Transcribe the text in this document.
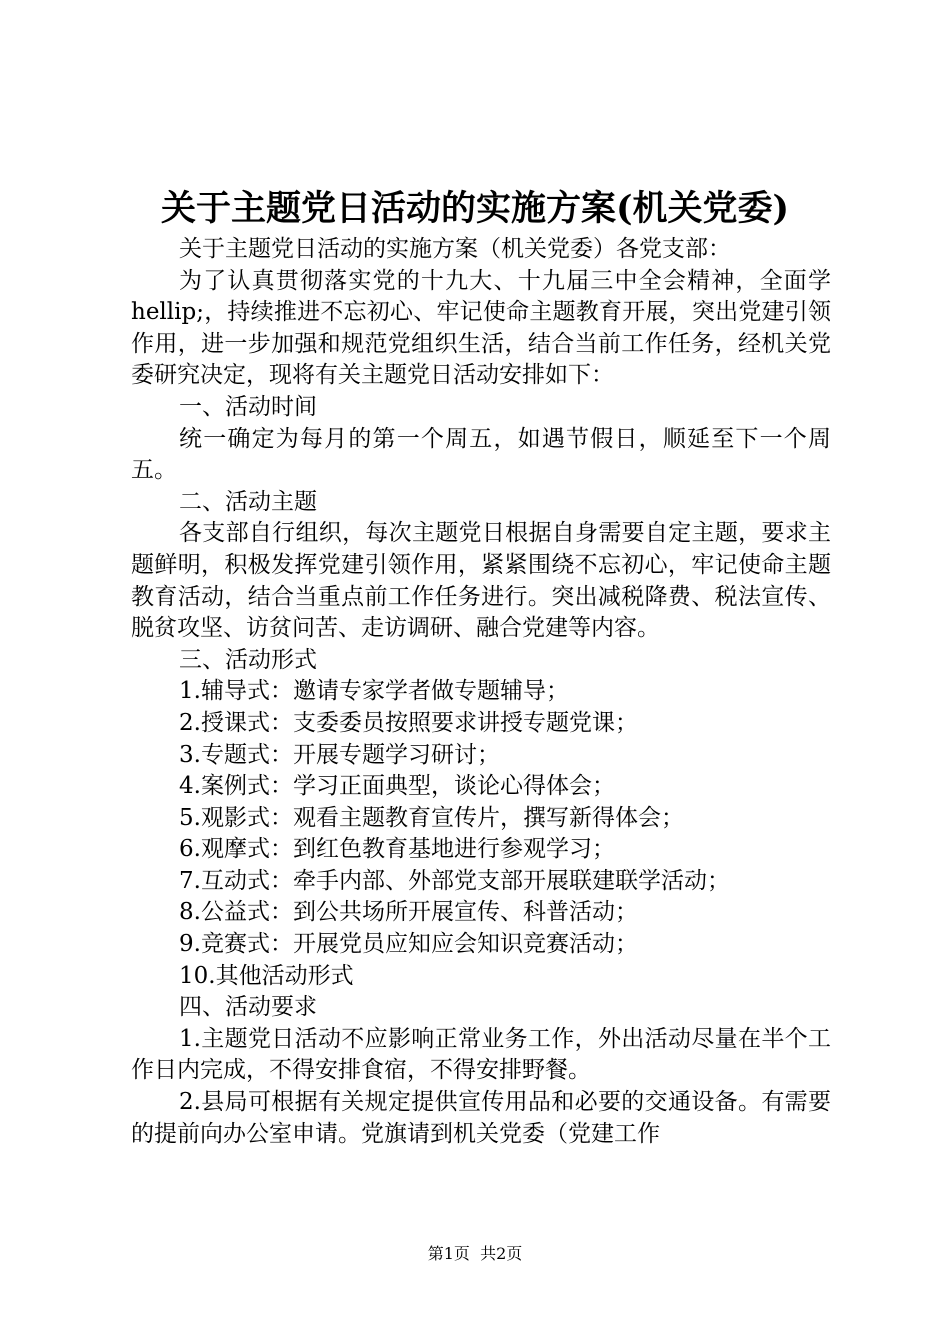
关于主题党日活动的实施方案(机关党委)

关于主题党日活动的实施方案（机关党委）各党支部：

为了认真贯彻落实党的十九大、十九届三中全会精神，全面学hellip;，持续推进不忘初心、牢记使命主题教育开展，突出党建引领作用，进一步加强和规范党组织生活，结合当前工作任务，经机关党委研究决定，现将有关主题党日活动安排如下：

一、活动时间

统一确定为每月的第一个周五，如遇节假日，顺延至下一个周五。

二、活动主题

各支部自行组织，每次主题党日根据自身需要自定主题，要求主题鲜明，积极发挥党建引领作用，紧紧围绕不忘初心，牢记使命主题教育活动，结合当重点前工作任务进行。突出减税降费、税法宣传、脱贫攻坚、访贫问苦、走访调研、融合党建等内容。

三、活动形式

1.辅导式：邀请专家学者做专题辅导；

2.授课式：支委委员按照要求讲授专题党课；

3.专题式：开展专题学习研讨；

4.案例式：学习正面典型，谈论心得体会；

5.观影式：观看主题教育宣传片，撰写新得体会；

6.观摩式：到红色教育基地进行参观学习；

7.互动式：牵手内部、外部党支部开展联建联学活动；

8.公益式：到公共场所开展宣传、科普活动；

9.竞赛式：开展党员应知应会知识竞赛活动；

10.其他活动形式

四、活动要求

1.主题党日活动不应影响正常业务工作，外出活动尽量在半个工作日内完成，不得安排食宿，不得安排野餐。

2.县局可根据有关规定提供宣传用品和必要的交通设备。有需要的提前向办公室申请。党旗请到机关党委（党建工作

第1页  共2页
